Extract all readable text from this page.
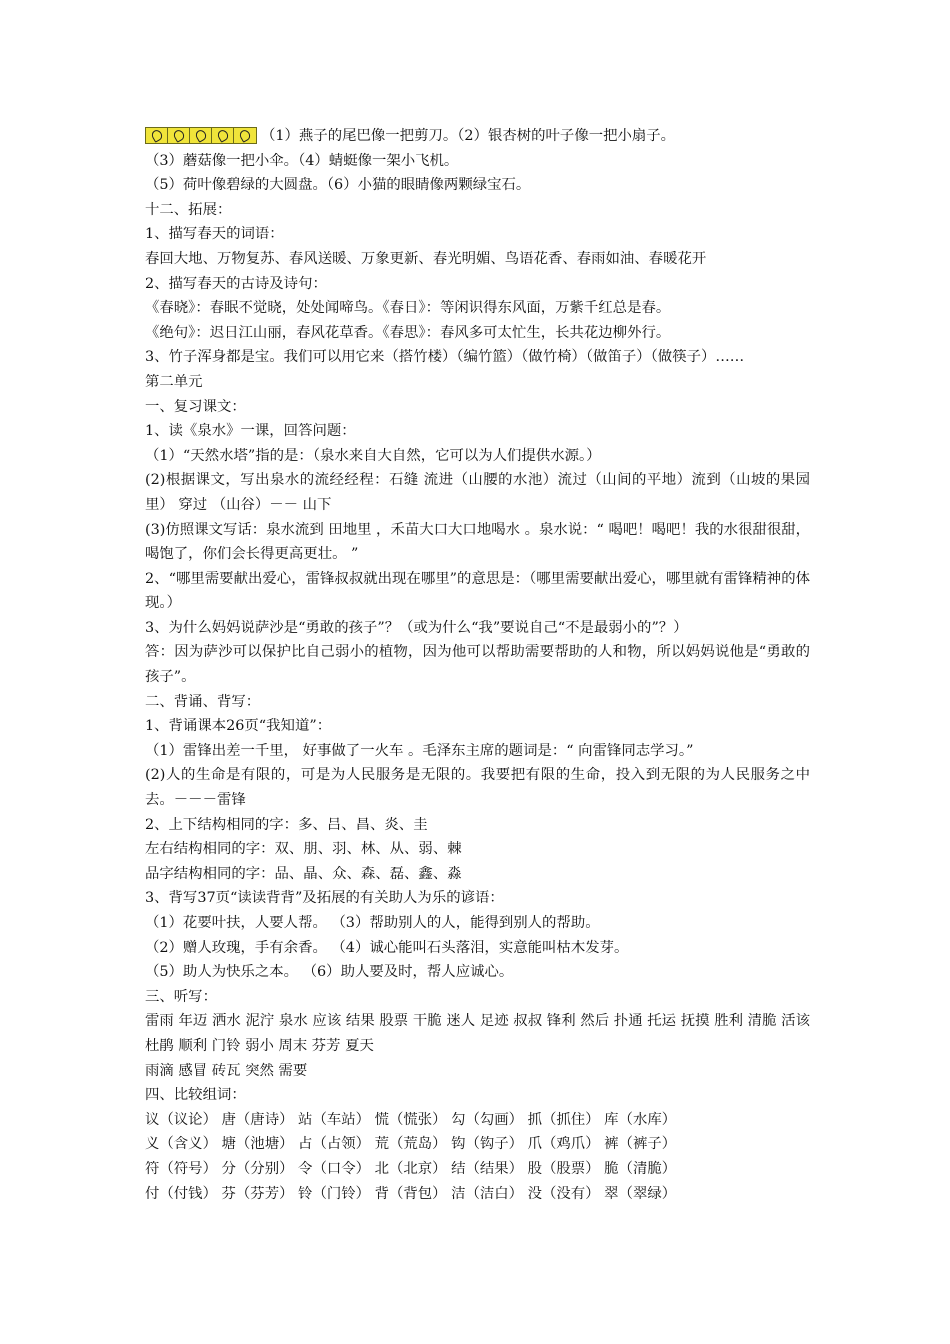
（1）燕子的尾巴像一把剪刀。（2）银杏树的叶子像一把小扇子。
（3）蘑菇像一把小伞。（4）蜻蜓像一架小飞机。
（5）荷叶像碧绿的大圆盘。（6）小猫的眼睛像两颗绿宝石。
十二、拓展：
1、描写春天的词语：
春回大地、万物复苏、春风送暖、万象更新、春光明媚、鸟语花香、春雨如油、春暖花开
2、描写春天的古诗及诗句：
《春晓》：春眠不觉晓，处处闻啼鸟。《春日》：等闲识得东风面，万紫千红总是春。
《绝句》：迟日江山丽，春风花草香。《春思》：春风多可太忙生，长共花边柳外行。
3、竹子浑身都是宝。我们可以用它来（搭竹楼）（编竹篮）（做竹椅）（做笛子）（做筷子）……
第二单元
一、复习课文：
1、读《泉水》一课，回答问题：
（1）“天然水塔”指的是：（泉水来自大自然，它可以为人们提供水源。）
(2)根据课文，写出泉水的流经经程：石缝 流进（山腰的水池）流过（山间的平地）流到（山坡的果园里） 穿过 （山谷）－－ 山下
(3)仿照课文写话：泉水流到 田地里 ，禾苗大口大口地喝水 。泉水说：“ 喝吧！喝吧！我的水很甜很甜，喝饱了，你们会长得更高更壮。 ”
2、“哪里需要献出爱心，雷锋叔叔就出现在哪里”的意思是：（哪里需要献出爱心，哪里就有雷锋精神的体现。）
3、为什么妈妈说萨沙是“勇敢的孩子”？（或为什么“我”要说自己“不是最弱小的”？）
答：因为萨沙可以保护比自己弱小的植物，因为他可以帮助需要帮助的人和物，所以妈妈说他是“勇敢的孩子”。
二、背诵、背写：
1、背诵课本26页“我知道”：
（1）雷锋出差一千里， 好事做了一火车 。毛泽东主席的题词是：“ 向雷锋同志学习。”
(2)人的生命是有限的，可是为人民服务是无限的。我要把有限的生命，投入到无限的为人民服务之中去。－－－雷锋
2、上下结构相同的字：多、吕、昌、炎、圭
左右结构相同的字：双、朋、羽、林、从、弱、棘
品字结构相同的字：品、晶、众、森、磊、鑫、淼
3、背写37页“读读背背”及拓展的有关助人为乐的谚语：
（1）花要叶扶，人要人帮。 （3）帮助别人的人，能得到别人的帮助。
（2）赠人玫瑰，手有余香。 （4）诚心能叫石头落泪，实意能叫枯木发芽。
（5）助人为快乐之本。 （6）助人要及时，帮人应诚心。
三、听写：
雷雨 年迈 洒水 泥泞 泉水 应该 结果 股票 干脆 迷人 足迹 叔叔 锋利 然后 扑通 托运 抚摸 胜利 清脆 活该 杜鹃 顺利 门铃 弱小 周末 芬芳 夏天
雨滴 感冒 砖瓦 突然 需要
四、比较组词：
议（议论） 唐（唐诗） 站（车站） 慌（慌张） 勾（勾画） 抓（抓住） 库（水库）
义（含义） 塘（池塘） 占（占领） 荒（荒岛） 钩（钩子） 爪（鸡爪） 裤（裤子）
符（符号） 分（分别） 令（口令） 北（北京） 结（结果） 股（股票） 脆（清脆）
付（付钱） 芬（芬芳） 铃（门铃） 背（背包） 洁（洁白） 没（没有） 翠（翠绿）
